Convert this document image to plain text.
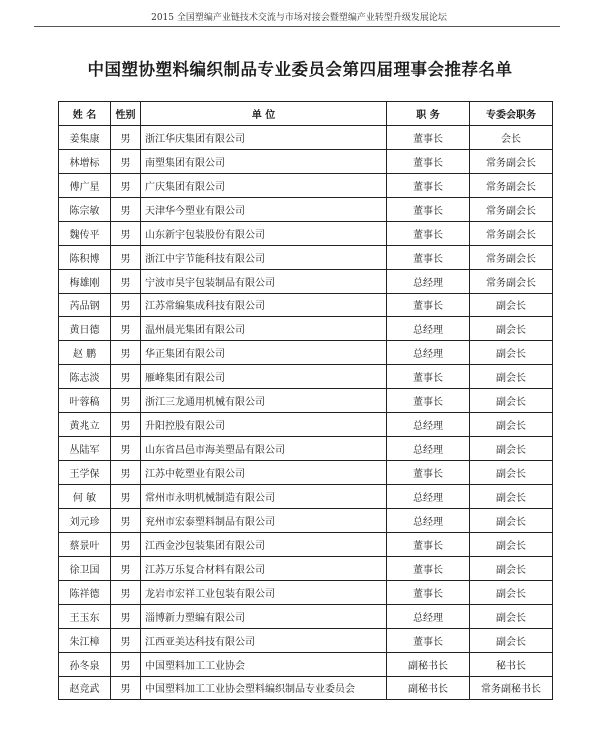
2015 全国塑编产业链技术交流与市场对接会暨塑编产业转型升级发展论坛
中国塑协塑料编织制品专业委员会第四届理事会推荐名单
姓 名	性别	单 位	职 务	专委会职务
姜集康	男	浙江华庆集团有限公司	董事长	会长
林增标	男	南塑集团有限公司	董事长	常务副会长
傅广星	男	广庆集团有限公司	董事长	常务副会长
陈宗敏	男	天津华今塑业有限公司	董事长	常务副会长
魏传平	男	山东新宇包装股份有限公司	董事长	常务副会长
陈积博	男	浙江中宇节能科技有限公司	董事长	常务副会长
梅雄刚	男	宁波市昊宇包装制品有限公司	总经理	常务副会长
芮品钢	男	江苏常编集成科技有限公司	董事长	副会长
黄日德	男	温州晨光集团有限公司	总经理	副会长
赵 鹏	男	华正集团有限公司	总经理	副会长
陈志淡	男	雁峰集团有限公司	董事长	副会长
叶蓉稿	男	浙江三龙通用机械有限公司	董事长	副会长
黄兆立	男	升阳控股有限公司	总经理	副会长
丛陆军	男	山东省昌邑市海美塑品有限公司	总经理	副会长
王学保	男	江苏中乾塑业有限公司	董事长	副会长
何 敏	男	常州市永明机械制造有限公司	总经理	副会长
刘元珍	男	兖州市宏泰塑料制品有限公司	总经理	副会长
蔡景叶	男	江西金沙包装集团有限公司	董事长	副会长
徐卫国	男	江苏万乐复合材料有限公司	董事长	副会长
陈祥德	男	龙岩市宏祥工业包装有限公司	董事长	副会长
王玉东	男	淄博新力塑编有限公司	总经理	副会长
朱江樟	男	江西亚美达科技有限公司	董事长	副会长
孙冬泉	男	中国塑料加工工业协会	副秘书长	秘书长
赵竞武	男	中国塑料加工工业协会塑料编织制品专业委员会	副秘书长	常务副秘书长
